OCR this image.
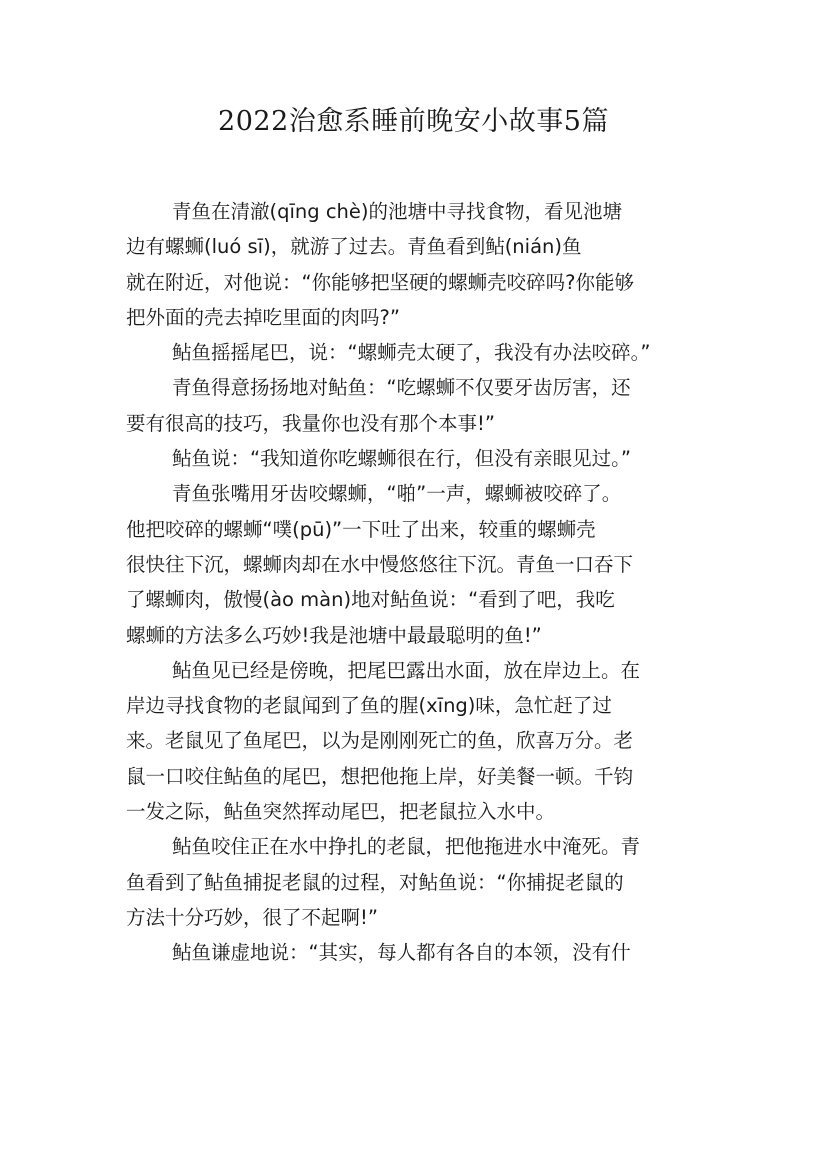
2022治愈系睡前晚安小故事5篇
青鱼在清澈(qīng chè)的池塘中寻找食物，看见池塘
边有螺蛳(luó sī)，就游了过去。青鱼看到鲇(nián)鱼
就在附近，对他说：“你能够把坚硬的螺蛳壳咬碎吗?你能够
把外面的壳去掉吃里面的肉吗?”
鲇鱼摇摇尾巴，说：“螺蛳壳太硬了，我没有办法咬碎。”
青鱼得意扬扬地对鲇鱼：“吃螺蛳不仅要牙齿厉害，还
要有很高的技巧，我量你也没有那个本事!”
鲇鱼说：“我知道你吃螺蛳很在行，但没有亲眼见过。”
青鱼张嘴用牙齿咬螺蛳，“啪”一声，螺蛳被咬碎了。
他把咬碎的螺蛳“噗(pū)”一下吐了出来，较重的螺蛳壳
很快往下沉，螺蛳肉却在水中慢悠悠往下沉。青鱼一口吞下
了螺蛳肉，傲慢(ào màn)地对鲇鱼说：“看到了吧，我吃
螺蛳的方法多么巧妙!我是池塘中最最聪明的鱼!”
鲇鱼见已经是傍晚，把尾巴露出水面，放在岸边上。在
岸边寻找食物的老鼠闻到了鱼的腥(xīng)味，急忙赶了过
来。老鼠见了鱼尾巴，以为是刚刚死亡的鱼，欣喜万分。老
鼠一口咬住鲇鱼的尾巴，想把他拖上岸，好美餐一顿。千钧
一发之际，鲇鱼突然挥动尾巴，把老鼠拉入水中。
鲇鱼咬住正在水中挣扎的老鼠，把他拖进水中淹死。青
鱼看到了鲇鱼捕捉老鼠的过程，对鲇鱼说：“你捕捉老鼠的
方法十分巧妙，很了不起啊!”
鲇鱼谦虚地说：“其实，每人都有各自的本领，没有什
